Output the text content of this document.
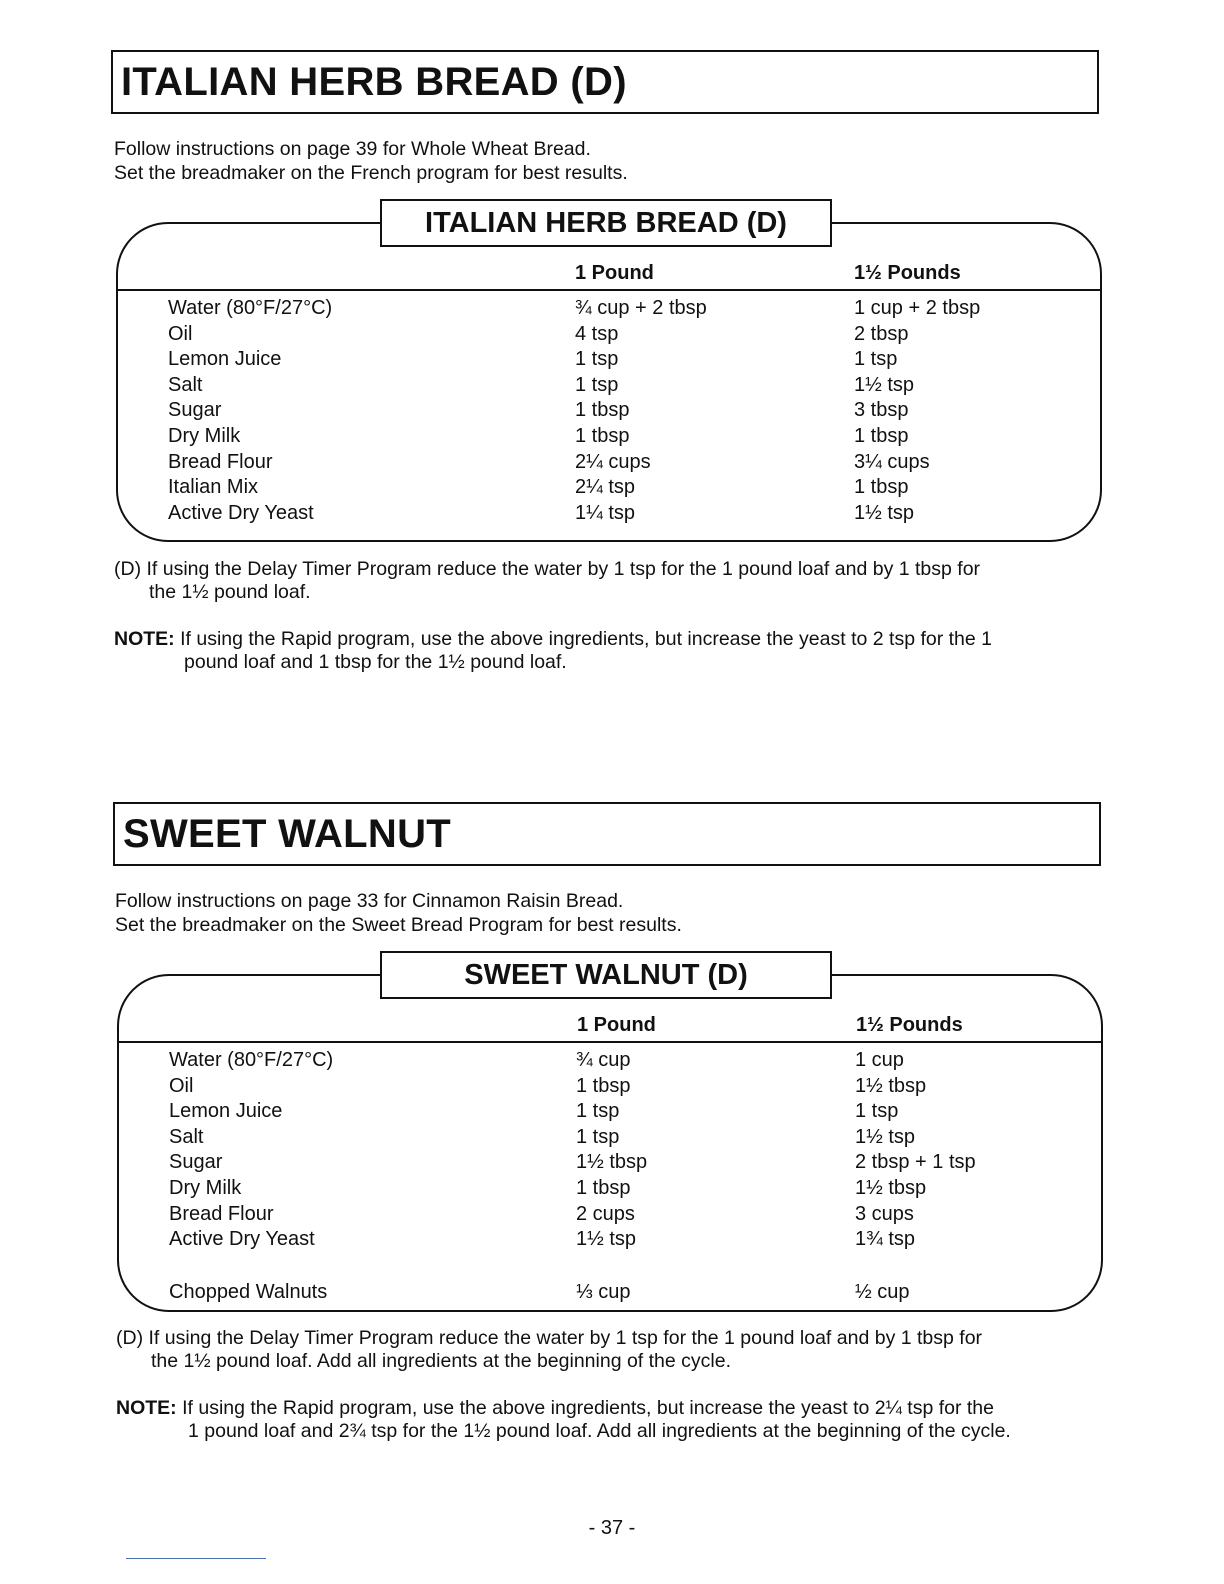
ITALIAN HERB BREAD (D)
Follow instructions on page 39 for Whole Wheat Bread.
Set the breadmaker on the French program for best results.
ITALIAN HERB BREAD (D)
1 Pound	1½ Pounds
Water (80°F/27°C)	¾ cup + 2 tbsp	1 cup + 2 tbsp
Oil	4 tsp	2 tbsp
Lemon Juice	1 tsp	1 tsp
Salt	1 tsp	1½ tsp
Sugar	1 tbsp	3 tbsp
Dry Milk	1 tbsp	1 tbsp
Bread Flour	2¼ cups	3¼ cups
Italian Mix	2¼ tsp	1 tbsp
Active Dry Yeast	1¼ tsp	1½ tsp
(D) If using the Delay Timer Program reduce the water by 1 tsp for the 1 pound loaf and by 1 tbsp for
the 1½ pound loaf.
NOTE: If using the Rapid program, use the above ingredients, but increase the yeast to 2 tsp for the 1
pound loaf and 1 tbsp for the 1½ pound loaf.
SWEET WALNUT
Follow instructions on page 33 for Cinnamon Raisin Bread.
Set the breadmaker on the Sweet Bread Program for best results.
SWEET WALNUT (D)
1 Pound	1½ Pounds
Water (80°F/27°C)	¾ cup	1 cup
Oil	1 tbsp	1½ tbsp
Lemon Juice	1 tsp	1 tsp
Salt	1 tsp	1½ tsp
Sugar	1½ tbsp	2 tbsp + 1 tsp
Dry Milk	1 tbsp	1½ tbsp
Bread Flour	2 cups	3 cups
Active Dry Yeast	1½ tsp	1¾ tsp
Chopped Walnuts	⅓ cup	½ cup
(D) If using the Delay Timer Program reduce the water by 1 tsp for the 1 pound loaf and by 1 tbsp for
the 1½ pound loaf. Add all ingredients at the beginning of the cycle.
NOTE: If using the Rapid program, use the above ingredients, but increase the yeast to 2¼ tsp for the
1 pound loaf and 2¾ tsp for the 1½ pound loaf. Add all ingredients at the beginning of the cycle.
- 37 -
